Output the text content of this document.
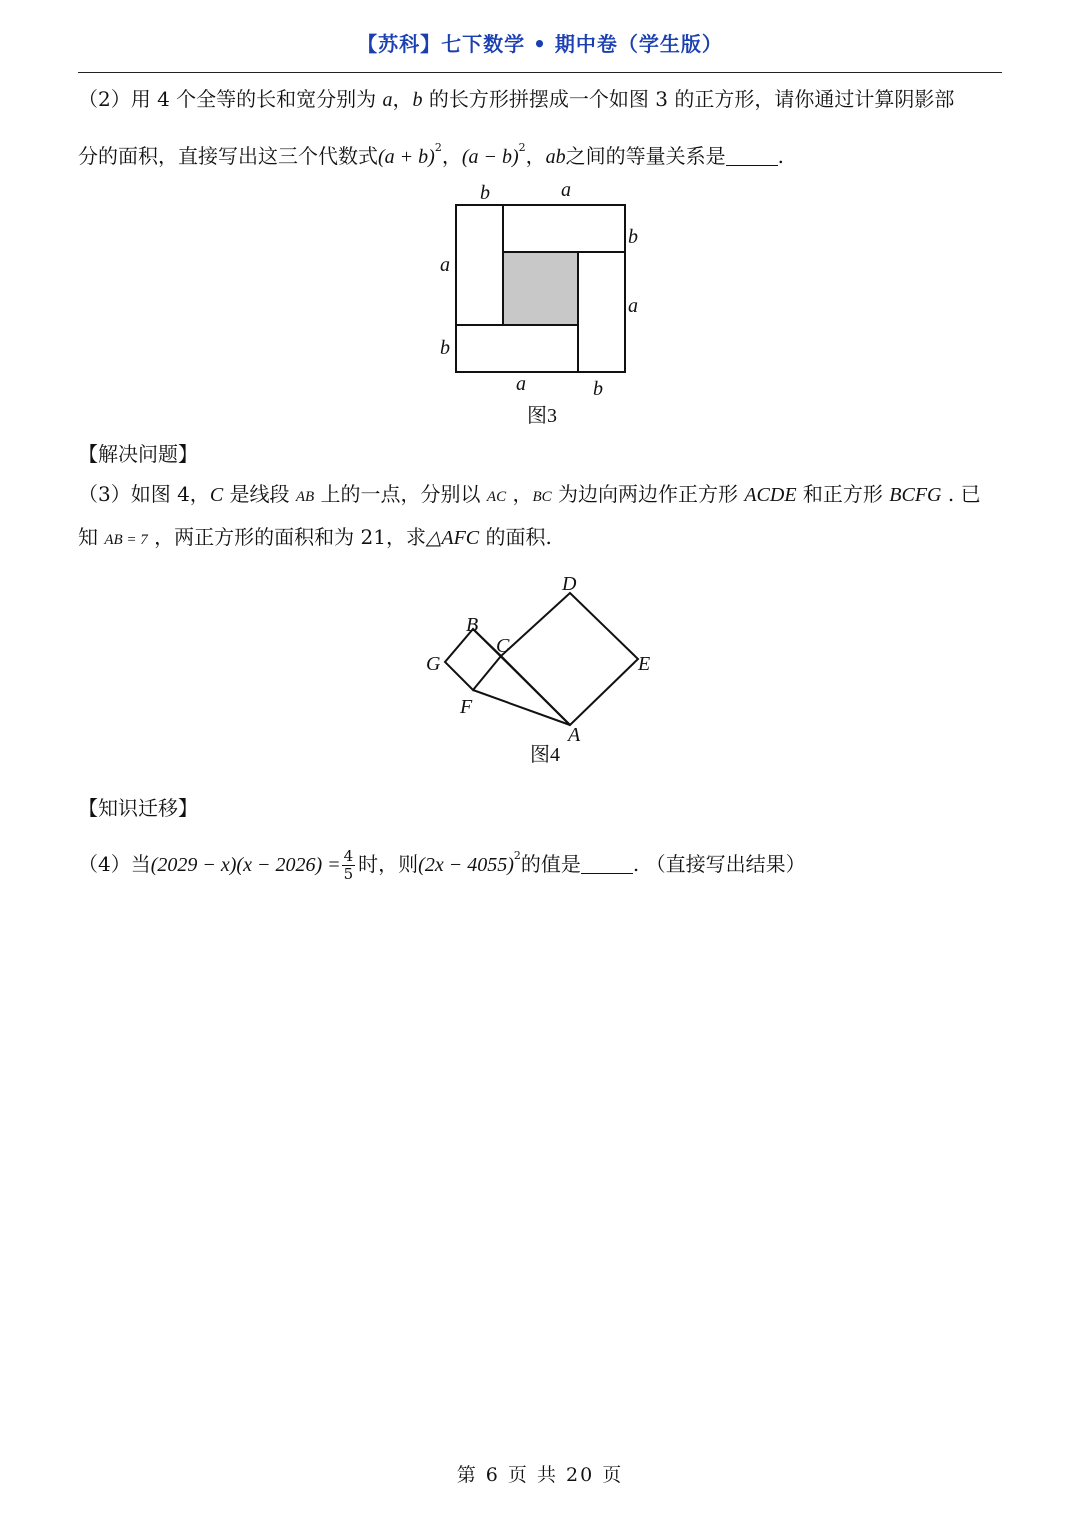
【苏科】七下数学 • 期中卷（学生版）
（2）用 4 个全等的长和宽分别为 a，b 的长方形拼摆成一个如图 3 的正方形，请你通过计算阴影部
分的面积，直接写出这三个代数式$(a + b)^2$，$(a - b)^2$，ab之间的等量关系是	.
b	a
b
a
a
b
a	b
图3
【解决问题】
（3）如图 4，C 是线段 AB 上的一点，分别以 AC ，BC 为边向两边作正方形 ACDE 和正方形 BCFG . 已
知 AB = 7 ，两正方形的面积和为 21，求△AFC 的面积.
D
B
C
G	E
F
A
图4
【知识迁移】
（4）当$(2029 - x)(x - 2026) = \frac{4}{5}$ 时，则$(2x - 4055)^2$的值是	. （直接写出结果）
第 6 页 共 20 页
